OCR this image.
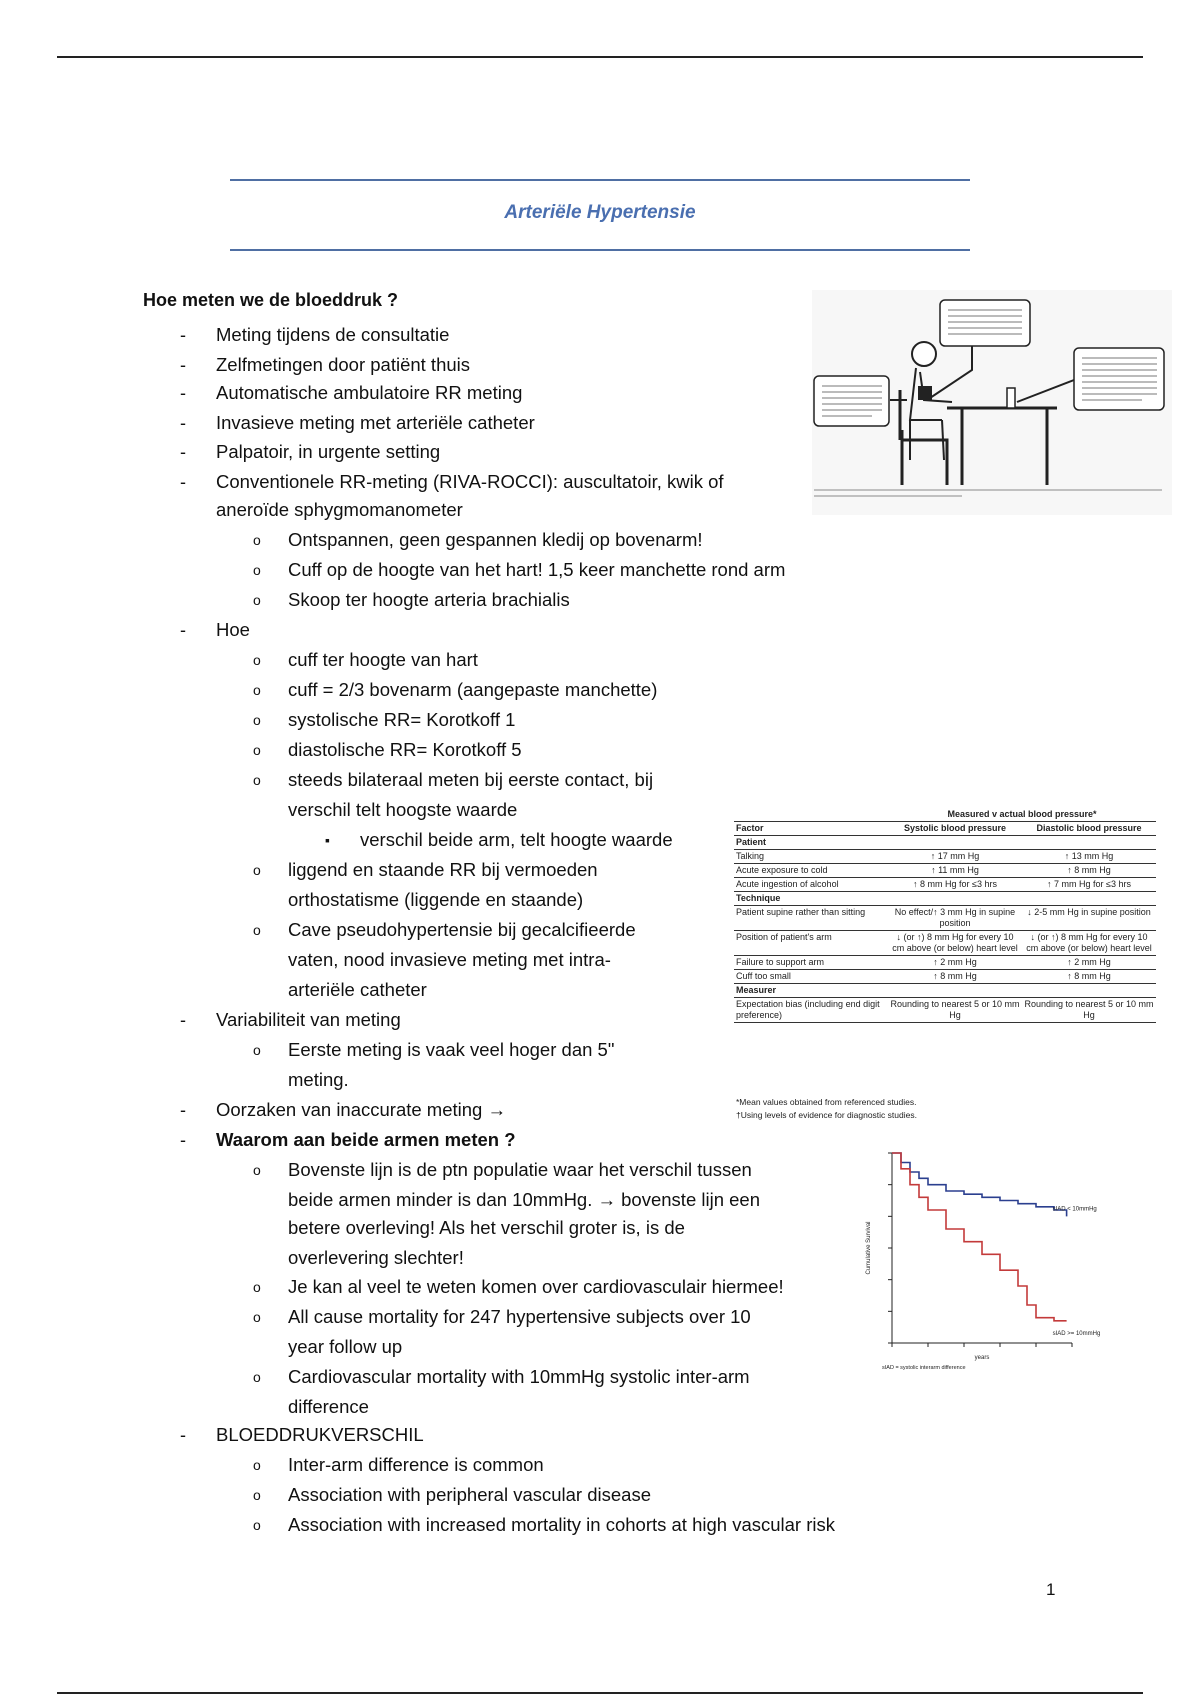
Arteriële Hypertensie
Hoe meten we de bloeddruk ?
- Meting tijdens de consultatie
- Zelfmetingen door patiënt thuis
- Automatische ambulatoire RR meting
- Invasieve meting met arteriële catheter
- Palpatoir, in urgente setting
- Conventionele RR-meting (RIVA-ROCCI): auscultatoir, kwik of
aneroïde sphygmomanometer
o Ontspannen, geen gespannen kledij op bovenarm!
o Cuff op de hoogte van het hart! 1,5 keer manchette rond arm
o Skoop ter hoogte arteria brachialis
- Hoe
o cuff ter hoogte van hart
o cuff = 2/3 bovenarm (aangepaste manchette)
o systolische RR= Korotkoff 1
o diastolische RR= Korotkoff 5
o steeds bilateraal meten bij eerste contact, bij
verschil telt hoogste waarde
▪ verschil beide arm, telt hoogte waarde
o liggend en staande RR bij vermoeden
orthostatisme (liggende en staande)
o Cave pseudohypertensie bij gecalcifieerde
vaten, nood invasieve meting met intra-
arteriële catheter
- Variabiliteit van meting
o Eerste meting is vaak veel hoger dan 5"
meting.
- Oorzaken van inaccurate meting →
- Waarom aan beide armen meten ?
o Bovenste lijn is de ptn populatie waar het verschil tussen
beide armen minder is dan 10mmHg. → bovenste lijn een
betere overleving! Als het verschil groter is, is de
overlevering slechter!
o Je kan al veel te weten komen over cardiovasculair hiermee!
o All cause mortality for 247 hypertensive subjects over 10
year follow up
o Cardiovascular mortality with 10mmHg systolic inter-arm
difference
- BLOEDDRUKVERSCHIL
o Inter-arm difference is common
o Association with peripheral vascular disease
o Association with increased mortality in cohorts at high vascular risk
	Measured v actual blood pressure*	
Factor	Systolic blood pressure	Diastolic blood pressure
Patient		
Talking	↑ 17 mm Hg	↑ 13 mm Hg
Acute exposure to cold	↑ 11 mm Hg	↑ 8 mm Hg
Acute ingestion of alcohol	↑ 8 mm Hg for ≤3 hrs	↑ 7 mm Hg for ≤3 hrs
Technique		
Patient supine rather than sitting	No effect/↑ 3 mm Hg in supine position	↓ 2-5 mm Hg in supine position
Position of patient's arm	↓ (or ↑) 8 mm Hg for every 10 cm above (or below) heart level	↓ (or ↑) 8 mm Hg for every 10 cm above (or below) heart level
Failure to support arm	↑ 2 mm Hg	↑ 2 mm Hg
Cuff too small	↑ 8 mm Hg	↑ 8 mm Hg
Measurer		
Expectation bias (including end digit preference)	Rounding to nearest 5 or 10 mm Hg	Rounding to nearest 5 or 10 mm Hg
*Mean values obtained from referenced studies.
†Using levels of evidence for diagnostic studies.
sIAD < 10mmHg
sIAD >= 10mmHg
Cumulative Survival
years
sIAD = systolic interarm difference
1
